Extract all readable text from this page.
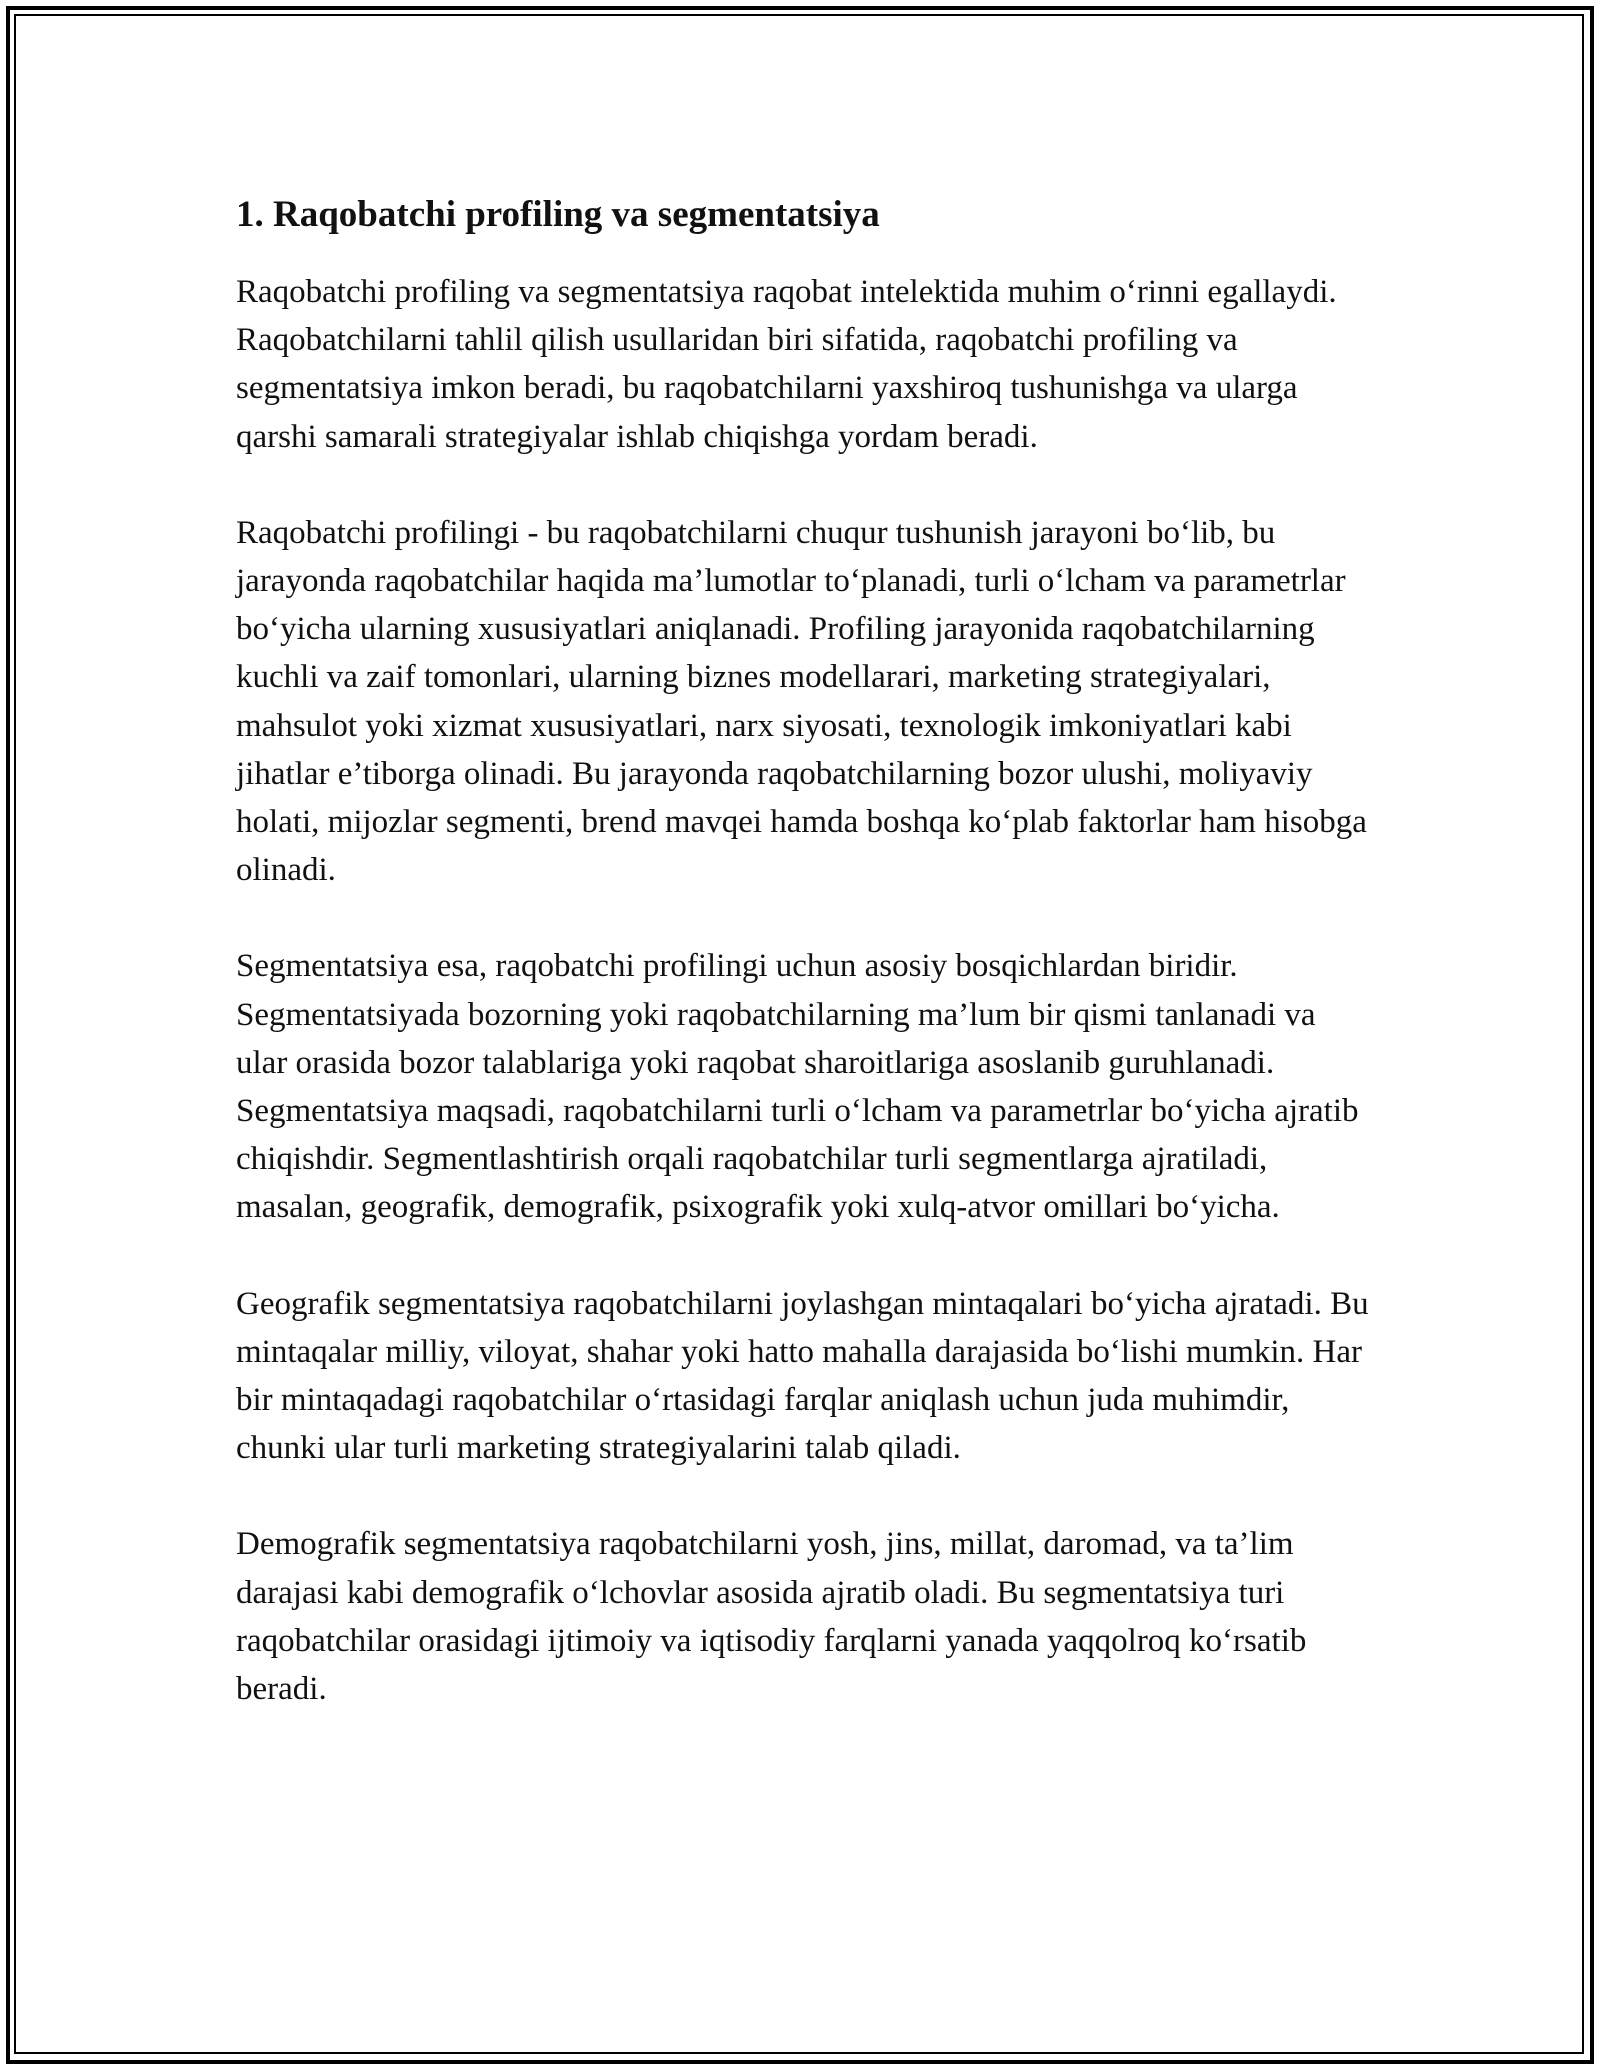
1. Raqobatchi profiling va segmentatsiya

Raqobatchi profiling va segmentatsiya raqobat intelektida muhim o‘rinni egallaydi. Raqobatchilarni tahlil qilish usullaridan biri sifatida, raqobatchi profiling va segmentatsiya imkon beradi, bu raqobatchilarni yaxshiroq tushunishga va ularga qarshi samarali strategiyalar ishlab chiqishga yordam beradi.

Raqobatchi profilingi - bu raqobatchilarni chuqur tushunish jarayoni bo‘lib, bu jarayonda raqobatchilar haqida ma’lumotlar to‘planadi, turli o‘lcham va parametrlar bo‘yicha ularning xususiyatlari aniqlanadi. Profiling jarayonida raqobatchilarning kuchli va zaif tomonlari, ularning biznes modellarari, marketing strategiyalari, mahsulot yoki xizmat xususiyatlari, narx siyosati, texnologik imkoniyatlari kabi jihatlar e’tiborga olinadi. Bu jarayonda raqobatchilarning bozor ulushi, moliyaviy holati, mijozlar segmenti, brend mavqei hamda boshqa ko‘plab faktorlar ham hisobga olinadi.

Segmentatsiya esa, raqobatchi profilingi uchun asosiy bosqichlardan biridir. Segmentatsiyada bozorning yoki raqobatchilarning ma’lum bir qismi tanlanadi va ular orasida bozor talablariga yoki raqobat sharoitlariga asoslanib guruhlanadi. Segmentatsiya maqsadi, raqobatchilarni turli o‘lcham va parametrlar bo‘yicha ajratib chiqishdir. Segmentlashtirish orqali raqobatchilar turli segmentlarga ajratiladi, masalan, geografik, demografik, psixografik yoki xulq-atvor omillari bo‘yicha.

Geografik segmentatsiya raqobatchilarni joylashgan mintaqalari bo‘yicha ajratadi. Bu mintaqalar milliy, viloyat, shahar yoki hatto mahalla darajasida bo‘lishi mumkin. Har bir mintaqadagi raqobatchilar o‘rtasidagi farqlar aniqlash uchun juda muhimdir, chunki ular turli marketing strategiyalarini talab qiladi.

Demografik segmentatsiya raqobatchilarni yosh, jins, millat, daromad, va ta’lim darajasi kabi demografik o‘lchovlar asosida ajratib oladi. Bu segmentatsiya turi raqobatchilar orasidagi ijtimoiy va iqtisodiy farqlarni yanada yaqqolroq ko‘rsatib beradi.
